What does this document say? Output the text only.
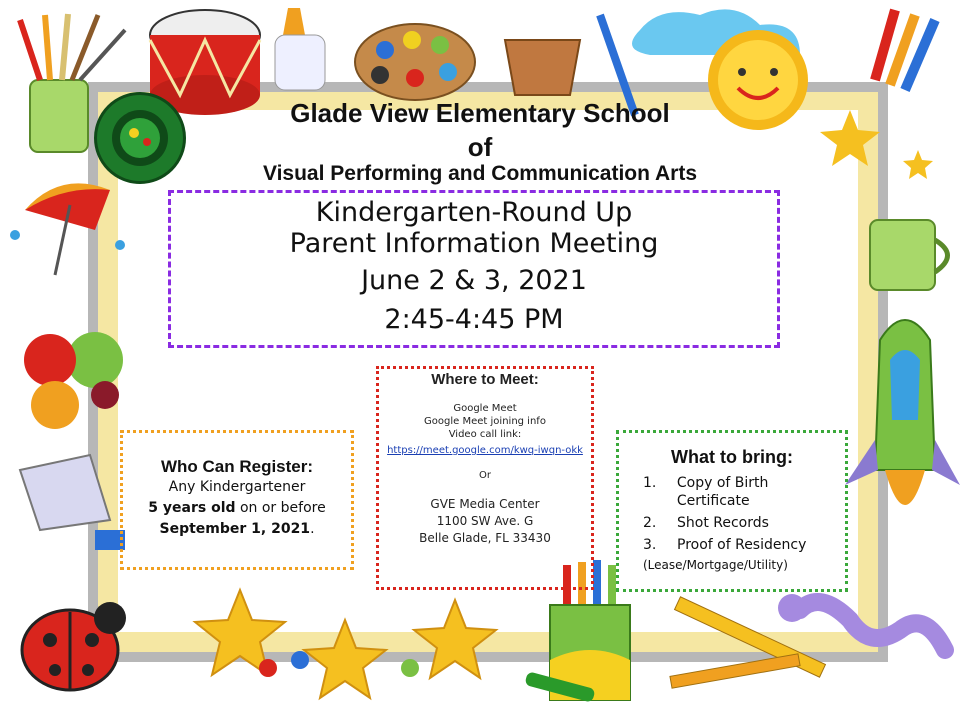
Glade View Elementary School
of
Visual Performing and Communication Arts
Kindergarten-Round Up
Parent Information Meeting
June 2 & 3, 2021
2:45-4:45 PM
Where to Meet:
Google Meet
Google Meet joining info
Video call link:
https://meet.google.com/kwq-iwqn-okk
Or
GVE Media Center
1100 SW Ave. G
Belle Glade, FL 33430
Who Can Register:
Any Kindergartener
5 years old on or before
September 1, 2021.
What to bring:
1.	Copy of Birth Certificate
2.	Shot Records
3.	Proof of Residency
(Lease/Mortgage/Utility)
